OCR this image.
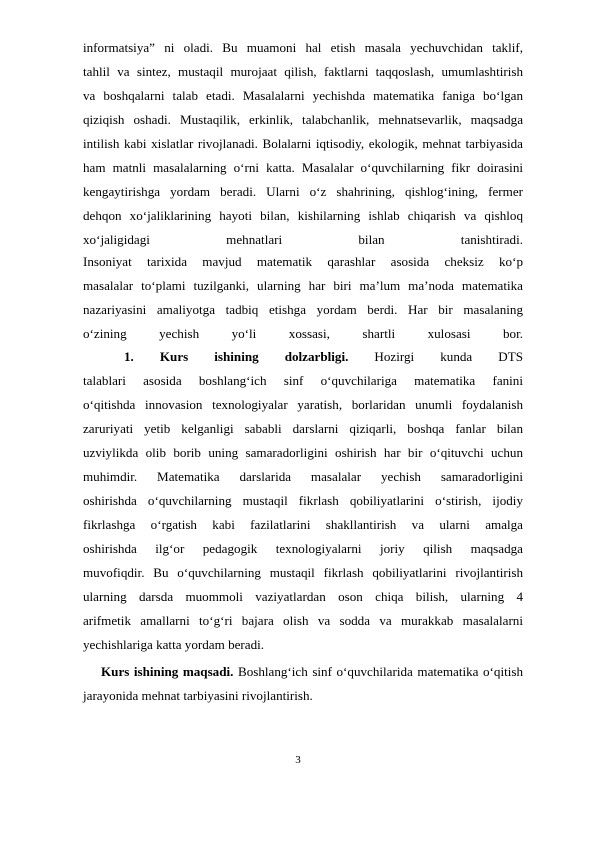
informatsiya” ni oladi. Bu muamoni hal etish masala yechuvchidan taklif,
tahlil va sintez, mustaqil murojaat qilish, faktlarni taqqoslash, umumlashtirish
va boshqalarni talab etadi. Masalalarni yechishda matematika faniga bo‘lgan
qiziqish oshadi. Mustaqilik, erkinlik, talabchanlik, mehnatsevarlik, maqsadga
intilish kabi xislatlar rivojlanadi. Bolalarni iqtisodiy, ekologik, mehnat tarbiyasida
ham matnli masalalarning o‘rni katta. Masalalar o‘quvchilarning fikr doirasini
kengaytirishga yordam beradi. Ularni o‘z shahrining, qishlog‘ining, fermer
dehqon xo‘jaliklarining hayoti bilan, kishilarning ishlab chiqarish va qishloq
xo‘jaligidagi mehnatlari bilan tanishtiradi.
Insoniyat tarixida mavjud matematik qarashlar asosida cheksiz ko‘p
masalalar to‘plami tuzilganki, ularning har biri ma’lum ma’noda matematika
nazariyasini amaliyotga tadbiq etishga yordam berdi. Har bir masalaning
o‘zining yechish yo‘li xossasi, shartli xulosasi bor.
1. Kurs ishining dolzarbligi. Hozirgi kunda DTS
talablari asosida boshlang‘ich sinf o‘quvchilariga matematika fanini
o‘qitishda innovasion texnologiyalar yaratish, borlaridan unumli foydalanish
zaruriyati yetib kelganligi sababli darslarni qiziqarli, boshqa fanlar bilan
uzviylikda olib borib uning samaradorligini oshirish har bir o‘qituvchi uchun
muhimdir. Matematika darslarida masalalar yechish samaradorligini
oshirishda o‘quvchilarning mustaqil fikrlash qobiliyatlarini o‘stirish, ijodiy
fikrlashga o‘rgatish kabi fazilatlarini shakllantirish va ularni amalga
oshirishda ilg‘or pedagogik texnologiyalarni joriy qilish maqsadga
muvofiqdir. Bu o‘quvchilarning mustaqil fikrlash qobiliyatlarini rivojlantirish
ularning darsda muommoli vaziyatlardan oson chiqa bilish, ularning 4
arifmetik amallarni to‘g‘ri bajara olish va sodda va murakkab masalalarni
yechishlariga katta yordam beradi.
Kurs ishining maqsadi. Boshlang‘ich sinf o‘quvchilarida matematika o‘qitish
jarayonida mehnat tarbiyasini rivojlantirish.
3
